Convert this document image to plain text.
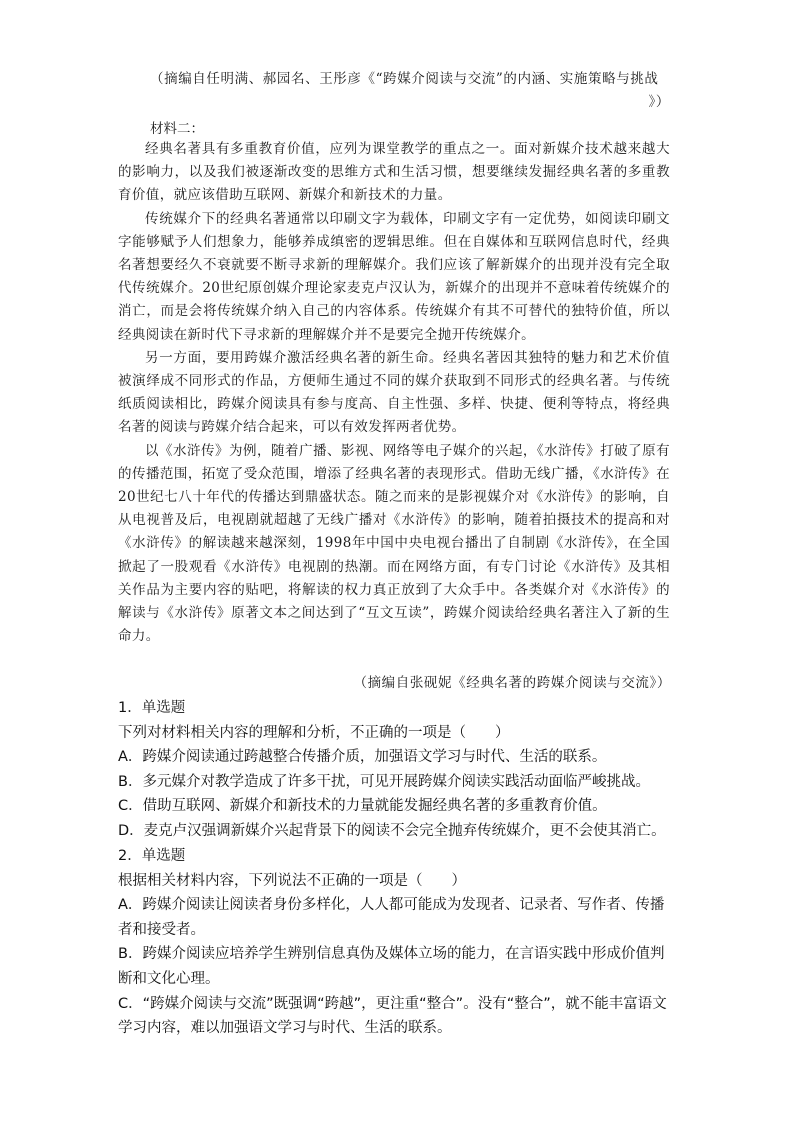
（摘编自任明满、郝园名、王彤彦《“跨媒介阅读与交流”的内涵、实施策略与挑战
》）
材料二：

经典名著具有多重教育价值，应列为课堂教学的重点之一。面对新媒介技术越来越大的影响力，以及我们被逐渐改变的思维方式和生活习惯，想要继续发掘经典名著的多重教育价值，就应该借助互联网、新媒介和新技术的力量。

传统媒介下的经典名著通常以印刷文字为载体，印刷文字有一定优势，如阅读印刷文字能够赋予人们想象力，能够养成缜密的逻辑思维。但在自媒体和互联网信息时代，经典名著想要经久不衰就要不断寻求新的理解媒介。我们应该了解新媒介的出现并没有完全取代传统媒介。20世纪原创媒介理论家麦克卢汉认为，新媒介的出现并不意味着传统媒介的消亡，而是会将传统媒介纳入自己的内容体系。传统媒介有其不可替代的独特价值，所以经典阅读在新时代下寻求新的理解媒介并不是要完全抛开传统媒介。

另一方面，要用跨媒介激活经典名著的新生命。经典名著因其独特的魅力和艺术价值被演绎成不同形式的作品，方便师生通过不同的媒介获取到不同形式的经典名著。与传统纸质阅读相比，跨媒介阅读具有参与度高、自主性强、多样、快捷、便利等特点，将经典名著的阅读与跨媒介结合起来，可以有效发挥两者优势。

以《水浒传》为例，随着广播、影视、网络等电子媒介的兴起，《水浒传》打破了原有的传播范围，拓宽了受众范围，增添了经典名著的表现形式。借助无线广播，《水浒传》在20世纪七八十年代的传播达到鼎盛状态。随之而来的是影视媒介对《水浒传》的影响，自从电视普及后，电视剧就超越了无线广播对《水浒传》的影响，随着拍摄技术的提高和对《水浒传》的解读越来越深刻，1998年中国中央电视台播出了自制剧《水浒传》，在全国掀起了一股观看《水浒传》电视剧的热潮。而在网络方面，有专门讨论《水浒传》及其相关作品为主要内容的贴吧，将解读的权力真正放到了大众手中。各类媒介对《水浒传》的解读与《水浒传》原著文本之间达到了“互文互读”，跨媒介阅读给经典名著注入了新的生命力。

（摘编自张砚妮《经典名著的跨媒介阅读与交流》）
1．单选题
下列对材料相关内容的理解和分析，不正确的一项是（　　）
A．跨媒介阅读通过跨越整合传播介质，加强语文学习与时代、生活的联系。
B．多元媒介对教学造成了许多干扰，可见开展跨媒介阅读实践活动面临严峻挑战。
C．借助互联网、新媒介和新技术的力量就能发掘经典名著的多重教育价值。
D．麦克卢汉强调新媒介兴起背景下的阅读不会完全抛弃传统媒介，更不会使其消亡。
2．单选题
根据相关材料内容，下列说法不正确的一项是（　　）
A．跨媒介阅读让阅读者身份多样化，人人都可能成为发现者、记录者、写作者、传播者和接受者。
B．跨媒介阅读应培养学生辨别信息真伪及媒体立场的能力，在言语实践中形成价值判断和文化心理。
C．“跨媒介阅读与交流”既强调“跨越”，更注重“整合”。没有“整合”，就不能丰富语文学习内容，难以加强语文学习与时代、生活的联系。
